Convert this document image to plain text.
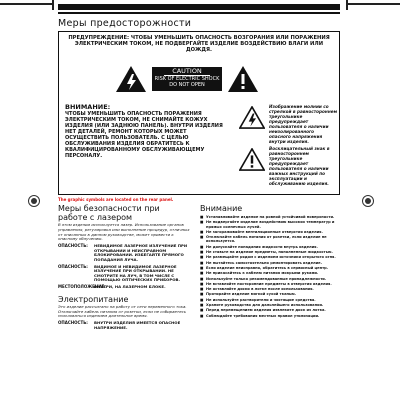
Меры предосторожности
ПРЕДУПРЕЖДЕНИЕ: ЧТОБЫ УМЕНЬШИТЬ ОПАСНОСТЬ ВОЗГОРАНИЯ ИЛИ ПОРАЖЕНИЯ ЭЛЕКТРИЧЕСКИМ ТОКОМ, НЕ ПОДВЕРГАЙТЕ ИЗДЕЛИЕ ВОЗДЕЙСТВИЮ ВЛАГИ ИЛИ ДОЖДЯ.
CAUTION
RISK OF ELECTRIC SHOCK DO NOT OPEN
ВНИМАНИЕ:
ЧТОБЫ УМЕНЬШИТЬ ОПАСНОСТЬ ПОРАЖЕНИЯ ЭЛЕКТРИЧЕСКИМ ТОКОМ, НЕ СНИМАЙТЕ КОЖУХ ИЗДЕЛИЯ (ИЛИ ЗАДНЮЮ ПАНЕЛЬ). ВНУТРИ ИЗДЕЛИЯ НЕТ ДЕТАЛЕЙ, РЕМОНТ КОТОРЫХ МОЖЕТ ОСУЩЕСТВИТЬ ПОЛЬЗОВАТЕЛЬ. С ЦЕЛЬЮ ОБСЛУЖИВАНИЯ ИЗДЕЛИЯ ОБРАТИТЕСЬ К КВАЛИФИЦИРОВАННОМУ ОБСЛУЖИВАЮЩЕМУ ПЕРСОНАЛУ.
Изображение молнии со стрелкой в равностороннем треугольнике предупреждает пользователя о наличии неизолированного опасного напряжения внутри изделия.
Восклицательный знак в равностороннем треугольнике предупреждает пользователя о наличии важных инструкций по эксплуатации и обслуживанию изделия.
The graphic symbols are located on the rear panel.
Меры безопасности при работе с лазером
В этом изделии используется лазер. Использование органов управления, регулировка или выполнение процедур, отличных от описанных в данном руководстве, может привести к опасному облучению.
ОПАСНОСТЬ:	НЕВИДИМОЕ ЛАЗЕРНОЕ ИЗЛУЧЕНИЕ ПРИ ОТКРЫВАНИИ И НЕИСПРАВНОМ БЛОКИРОВАНИИ. ИЗБЕГАЙТЕ ПРЯМОГО ПОПАДАНИЯ ЛУЧА.
ОПАСНОСТЬ:	ВИДИМОЕ И НЕВИДИМОЕ ЛАЗЕРНОЕ ИЗЛУЧЕНИЕ ПРИ ОТКРЫВАНИИ. НЕ СМОТРИТЕ НА ЛУЧ, В ТОМ ЧИСЛЕ С ПОМОЩЬЮ ОПТИЧЕСКИХ ПРИБОРОВ.
МЕСТОПОЛОЖЕНИЕ:
ВНУТРИ, НА ЛАЗЕРНОМ БЛОКЕ.
Электропитание
Это изделие рассчитано на работу от сети переменного тока. Отключайте кабель питания от розетки, если не собираетесь пользоваться изделием длительное время.
ОПАСНОСТЬ:	ВНУТРИ ИЗДЕЛИЯ ИМЕЕТСЯ ОПАСНОЕ НАПРЯЖЕНИЕ.
Внимание
■ Устанавливайте изделие на ровной устойчивой поверхности.
■ Не подвергайте изделие воздействию высоких температур и прямых солнечных лучей.
■ Не загораживайте вентиляционные отверстия изделия.
■ Отключайте кабель питания от розетки, если изделие не используется.
■ Не допускайте попадания жидкости внутрь изделия.
■ Не ставьте на изделие предметы, наполненные жидкостью.
■ Не размещайте рядом с изделием источники открытого огня.
■ Не пытайтесь самостоятельно ремонтировать изделие.
■ Если изделие неисправно, обратитесь в сервисный центр.
■ Не прикасайтесь к кабелю питания мокрыми руками.
■ Используйте только рекомендованные принадлежности.
■ Не вставляйте посторонние предметы в отверстия изделия.
■ Не оставляйте диски в лотке после использования.
■ Протирайте изделие мягкой сухой тканью.
■ Не используйте растворители и чистящие средства.
■ Храните руководство для дальнейшего использования.
■ Перед перемещением изделия извлеките диск из лотка.
■ Соблюдайте требования местных правил утилизации.
